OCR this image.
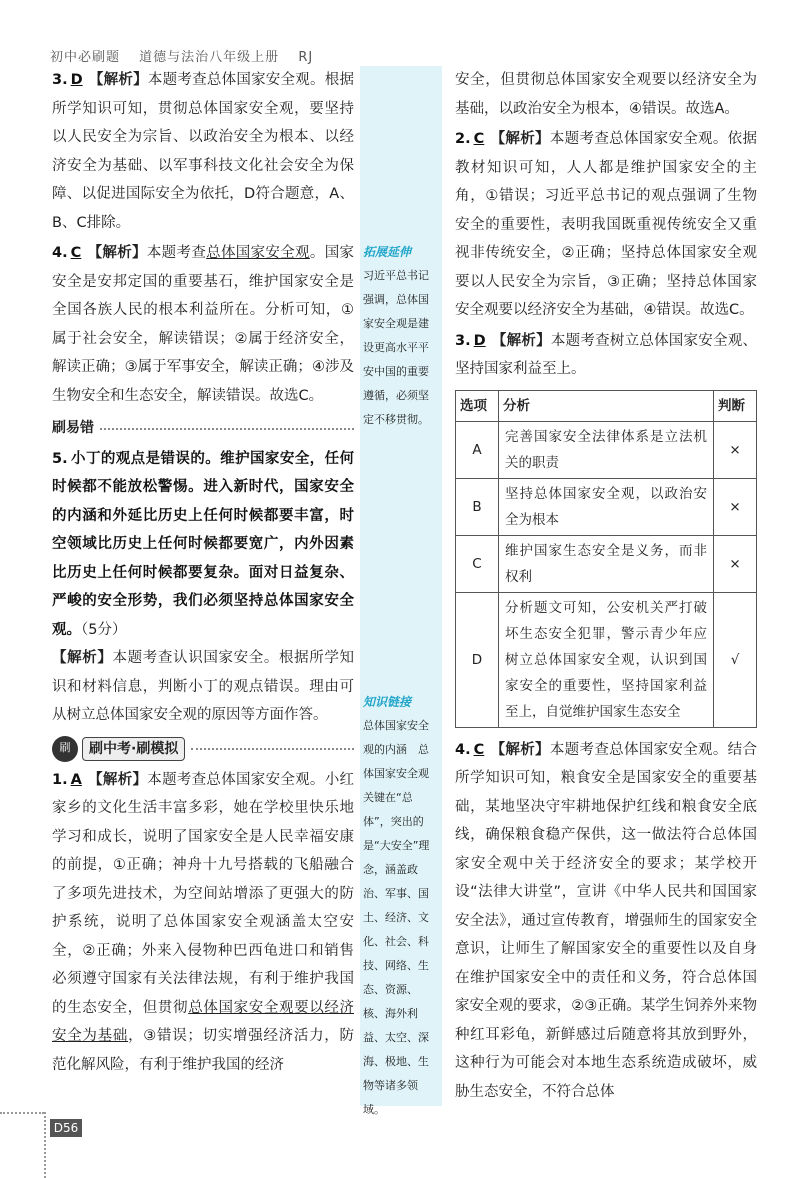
初中必刷题 道德与法治八年级上册 RJ

3. D 【解析】本题考查总体国家安全观。根据所学知识可知，贯彻总体国家安全观，要坚持以人民安全为宗旨、以政治安全为根本、以经济安全为基础、以军事科技文化社会安全为保障、以促进国际安全为依托，D符合题意，A、B、C排除。

4. C 【解析】本题考查总体国家安全观。国家安全是安邦定国的重要基石，维护国家安全是全国各族人民的根本利益所在。分析可知，①属于社会安全，解读错误；②属于经济安全，解读正确；③属于军事安全，解读正确；④涉及生物安全和生态安全，解读错误。故选C。

刷易错

5. 小丁的观点是错误的。维护国家安全，任何时候都不能放松警惕。进入新时代，国家安全的内涵和外延比历史上任何时候都要丰富，时空领域比历史上任何时候都要宽广，内外因素比历史上任何时候都要复杂。面对日益复杂、严峻的安全形势，我们必须坚持总体国家安全观。（5分）
【解析】本题考查认识国家安全。根据所学知识和材料信息，判断小丁的观点错误。理由可从树立总体国家安全观的原因等方面作答。

刷	刷中考·刷模拟

1. A 【解析】本题考查总体国家安全观。小红家乡的文化生活丰富多彩，她在学校里快乐地学习和成长，说明了国家安全是人民幸福安康的前提，①正确；神舟十九号搭载的飞船融合了多项先进技术，为空间站增添了更强大的防护系统，说明了总体国家安全观涵盖太空安全，②正确；外来入侵物种巴西龟进口和销售必须遵守国家有关法律法规，有利于维护我国的生态安全，但贯彻总体国家安全观要以经济安全为基础，③错误；切实增强经济活力，防范化解风险，有利于维护我国的经济

拓展延伸
习近平总书记强调，总体国家安全观是建设更高水平平安中国的重要遵循，必须坚定不移贯彻。
知识链接
总体国家安全观的内涵　总体国家安全观关键在“总体”，突出的是“大安全”理念，涵盖政治、军事、国土、经济、文化、社会、科技、网络、生态、资源、核、海外利益、太空、深海、极地、生物等诸多领域。

安全，但贯彻总体国家安全观要以经济安全为基础，以政治安全为根本，④错误。故选A。

2. C 【解析】本题考查总体国家安全观。依据教材知识可知，人人都是维护国家安全的主角，①错误；习近平总书记的观点强调了生物安全的重要性，表明我国既重视传统安全又重视非传统安全，②正确；坚持总体国家安全观要以人民安全为宗旨，③正确；坚持总体国家安全观要以经济安全为基础，④错误。故选C。

3. D 【解析】本题考查树立总体国家安全观、坚持国家利益至上。

选项	分析	判断
A	完善国家安全法律体系是立法机关的职责	×
B	坚持总体国家安全观，以政治安全为根本	×
C	维护国家生态安全是义务，而非权利	×
D	分析题文可知，公安机关严打破坏生态安全犯罪，警示青少年应树立总体国家安全观，认识到国家安全的重要性，坚持国家利益至上，自觉维护国家生态安全	√

4. C 【解析】本题考查总体国家安全观。结合所学知识可知，粮食安全是国家安全的重要基础，某地坚决守牢耕地保护红线和粮食安全底线，确保粮食稳产保供，这一做法符合总体国家安全观中关于经济安全的要求；某学校开设“法律大讲堂”，宣讲《中华人民共和国国家安全法》，通过宣传教育，增强师生的国家安全意识，让师生了解国家安全的重要性以及自身在维护国家安全中的责任和义务，符合总体国家安全观的要求，②③正确。某学生饲养外来物种红耳彩龟，新鲜感过后随意将其放到野外，这种行为可能会对本地生态系统造成破坏，威胁生态安全，不符合总体

D56
